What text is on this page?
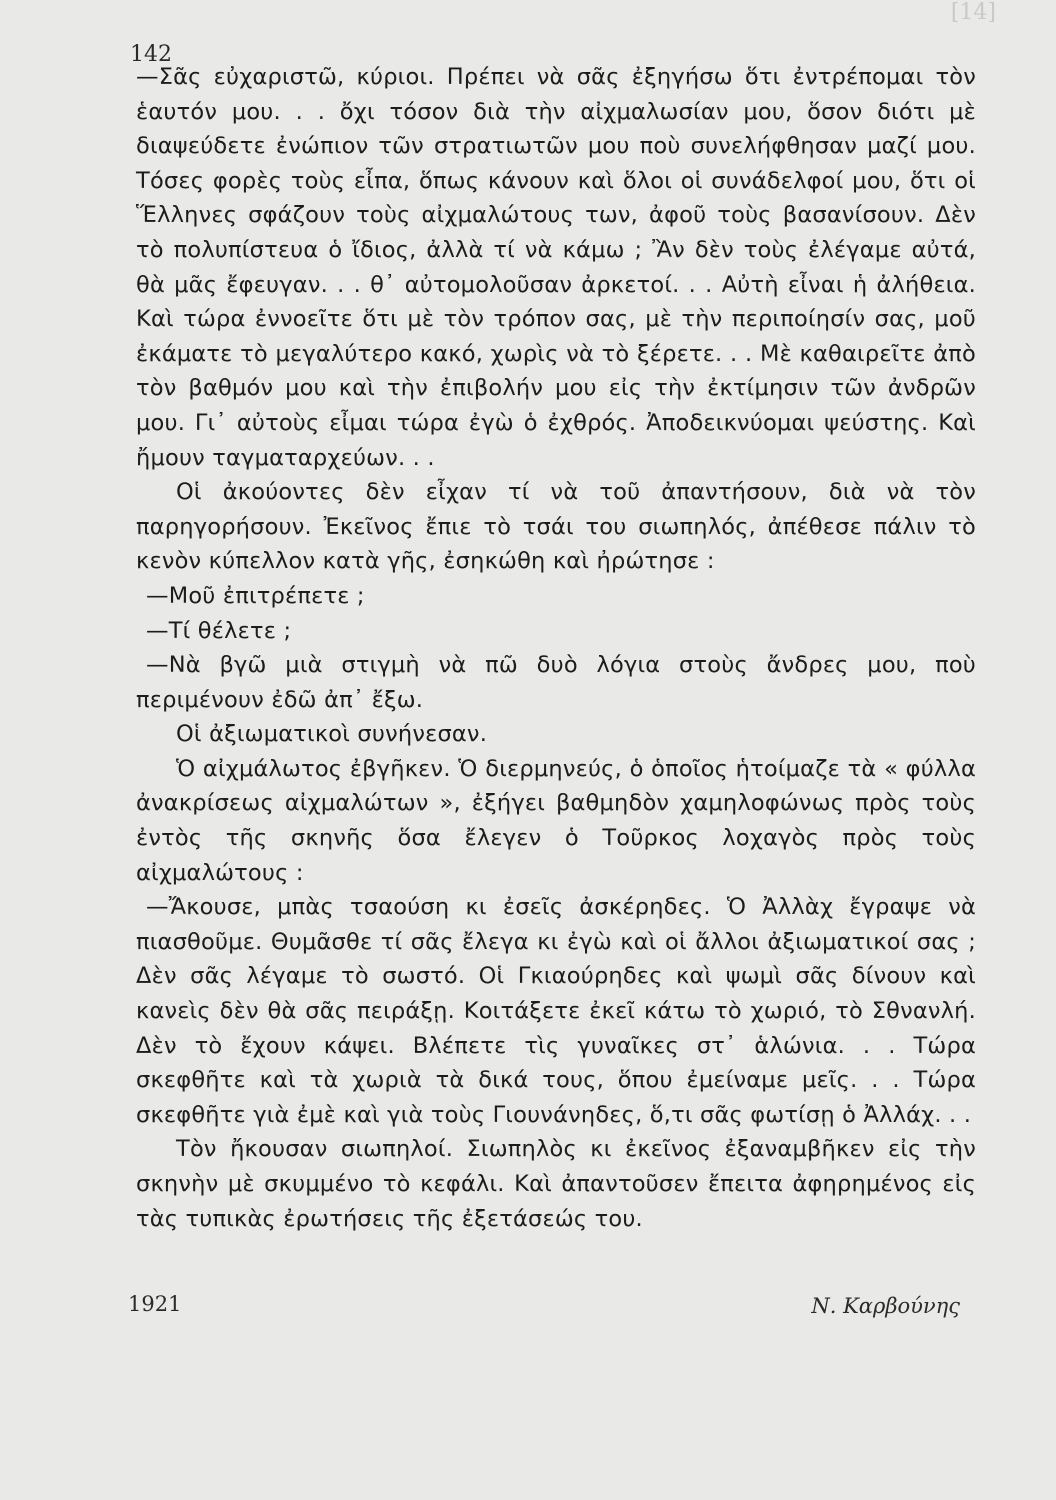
[14]

142

—Σᾶς εὐχαριστῶ, κύριοι. Πρέπει νὰ σᾶς ἐξηγήσω ὅτι ἐντρέπομαι τὸν ἑαυτόν μου. . . ὄχι τόσον διὰ τὴν αἰχμαλωσίαν μου, ὅσον διότι μὲ διαψεύδετε ἐνώπιον τῶν στρατιωτῶν μου ποὺ συνελήφθησαν μαζί μου. Τόσες φορὲς τοὺς εἶπα, ὅπως κάνουν καὶ ὅλοι οἱ συνάδελφοί μου, ὅτι οἱ Ἕλληνες σφάζουν τοὺς αἰχμαλώτους των, ἀφοῦ τοὺς βασανίσουν. Δὲν τὸ πολυπίστευα ὁ ἴδιος, ἀλλὰ τί νὰ κάμω ; Ἂν δὲν τοὺς ἐλέγαμε αὐτά, θὰ μᾶς ἔφευγαν. . . θ᾽ αὐτομολοῦσαν ἀρκετοί. . . Αὐτὴ εἶναι ἡ ἀλήθεια. Καὶ τώρα ἐννοεῖτε ὅτι μὲ τὸν τρόπον σας, μὲ τὴν περιποίησίν σας, μοῦ ἐκάματε τὸ μεγαλύτερο κακό, χωρὶς νὰ τὸ ξέρετε. . . Μὲ καθαιρεῖτε ἀπὸ τὸν βαθμόν μου καὶ τὴν ἐπιβολήν μου εἰς τὴν ἐκτίμησιν τῶν ἀνδρῶν μου. Γι᾽ αὐτοὺς εἶμαι τώρα ἐγὼ ὁ ἐχθρός. Ἀποδεικνύομαι ψεύστης. Καὶ ἤμουν ταγματαρχεύων. . .

Οἱ ἀκούοντες δὲν εἶχαν τί νὰ τοῦ ἀπαντήσουν, διὰ νὰ τὸν παρηγορήσουν. Ἐκεῖνος ἔπιε τὸ τσάι του σιωπηλός, ἀπέθεσε πάλιν τὸ κενὸν κύπελλον κατὰ γῆς, ἐσηκώθη καὶ ἠρώτησε :

—Μοῦ ἐπιτρέπετε ;

—Τί θέλετε ;

—Νὰ βγῶ μιὰ στιγμὴ νὰ πῶ δυὸ λόγια στοὺς ἄνδρες μου, ποὺ περιμένουν ἐδῶ ἀπ᾽ ἔξω.

Οἱ ἀξιωματικοὶ συνήνεσαν.

Ὁ αἰχμάλωτος ἐβγῆκεν. Ὁ διερμηνεύς, ὁ ὁποῖος ἡτοίμαζε τὰ « φύλλα ἀνακρίσεως αἰχμαλώτων », ἐξήγει βαθμηδὸν χαμηλοφώνως πρὸς τοὺς ἐντὸς τῆς σκηνῆς ὅσα ἔλεγεν ὁ Τοῦρκος λοχαγὸς πρὸς τοὺς αἰχμαλώτους :

—Ἄκουσε, μπὰς τσαούση κι ἐσεῖς ἀσκέρηδες. Ὁ Ἀλλὰχ ἔγραψε νὰ πιασθοῦμε. Θυμᾶσθε τί σᾶς ἔλεγα κι ἐγὼ καὶ οἱ ἄλλοι ἀξιωματικοί σας ; Δὲν σᾶς λέγαμε τὸ σωστό. Οἱ Γκιαούρηδες καὶ ψωμὶ σᾶς δίνουν καὶ κανεὶς δὲν θὰ σᾶς πειράξῃ. Κοιτάξετε ἐκεῖ κάτω τὸ χωριό, τὸ Σθνανλή. Δὲν τὸ ἔχουν κάψει. Βλέπετε τὶς γυναῖκες στ᾽ ἁλώνια. . . Τώρα σκεφθῆτε καὶ τὰ χωριὰ τὰ δικά τους, ὅπου ἐμείναμε μεῖς. . . Τώρα σκεφθῆτε γιὰ ἐμὲ καὶ γιὰ τοὺς Γιουνάνηδες, ὅ,τι σᾶς φωτίσῃ ὁ Ἀλλάχ. . .

Τὸν ἤκουσαν σιωπηλοί. Σιωπηλὸς κι ἐκεῖνος ἐξαναμβῆκεν εἰς τὴν σκηνὴν μὲ σκυμμένο τὸ κεφάλι. Καὶ ἀπαντοῦσεν ἔπειτα ἀφηρημένος εἰς τὰς τυπικὰς ἐρωτήσεις τῆς ἐξετάσεώς του.

1921	Ν. Καρβούνης
